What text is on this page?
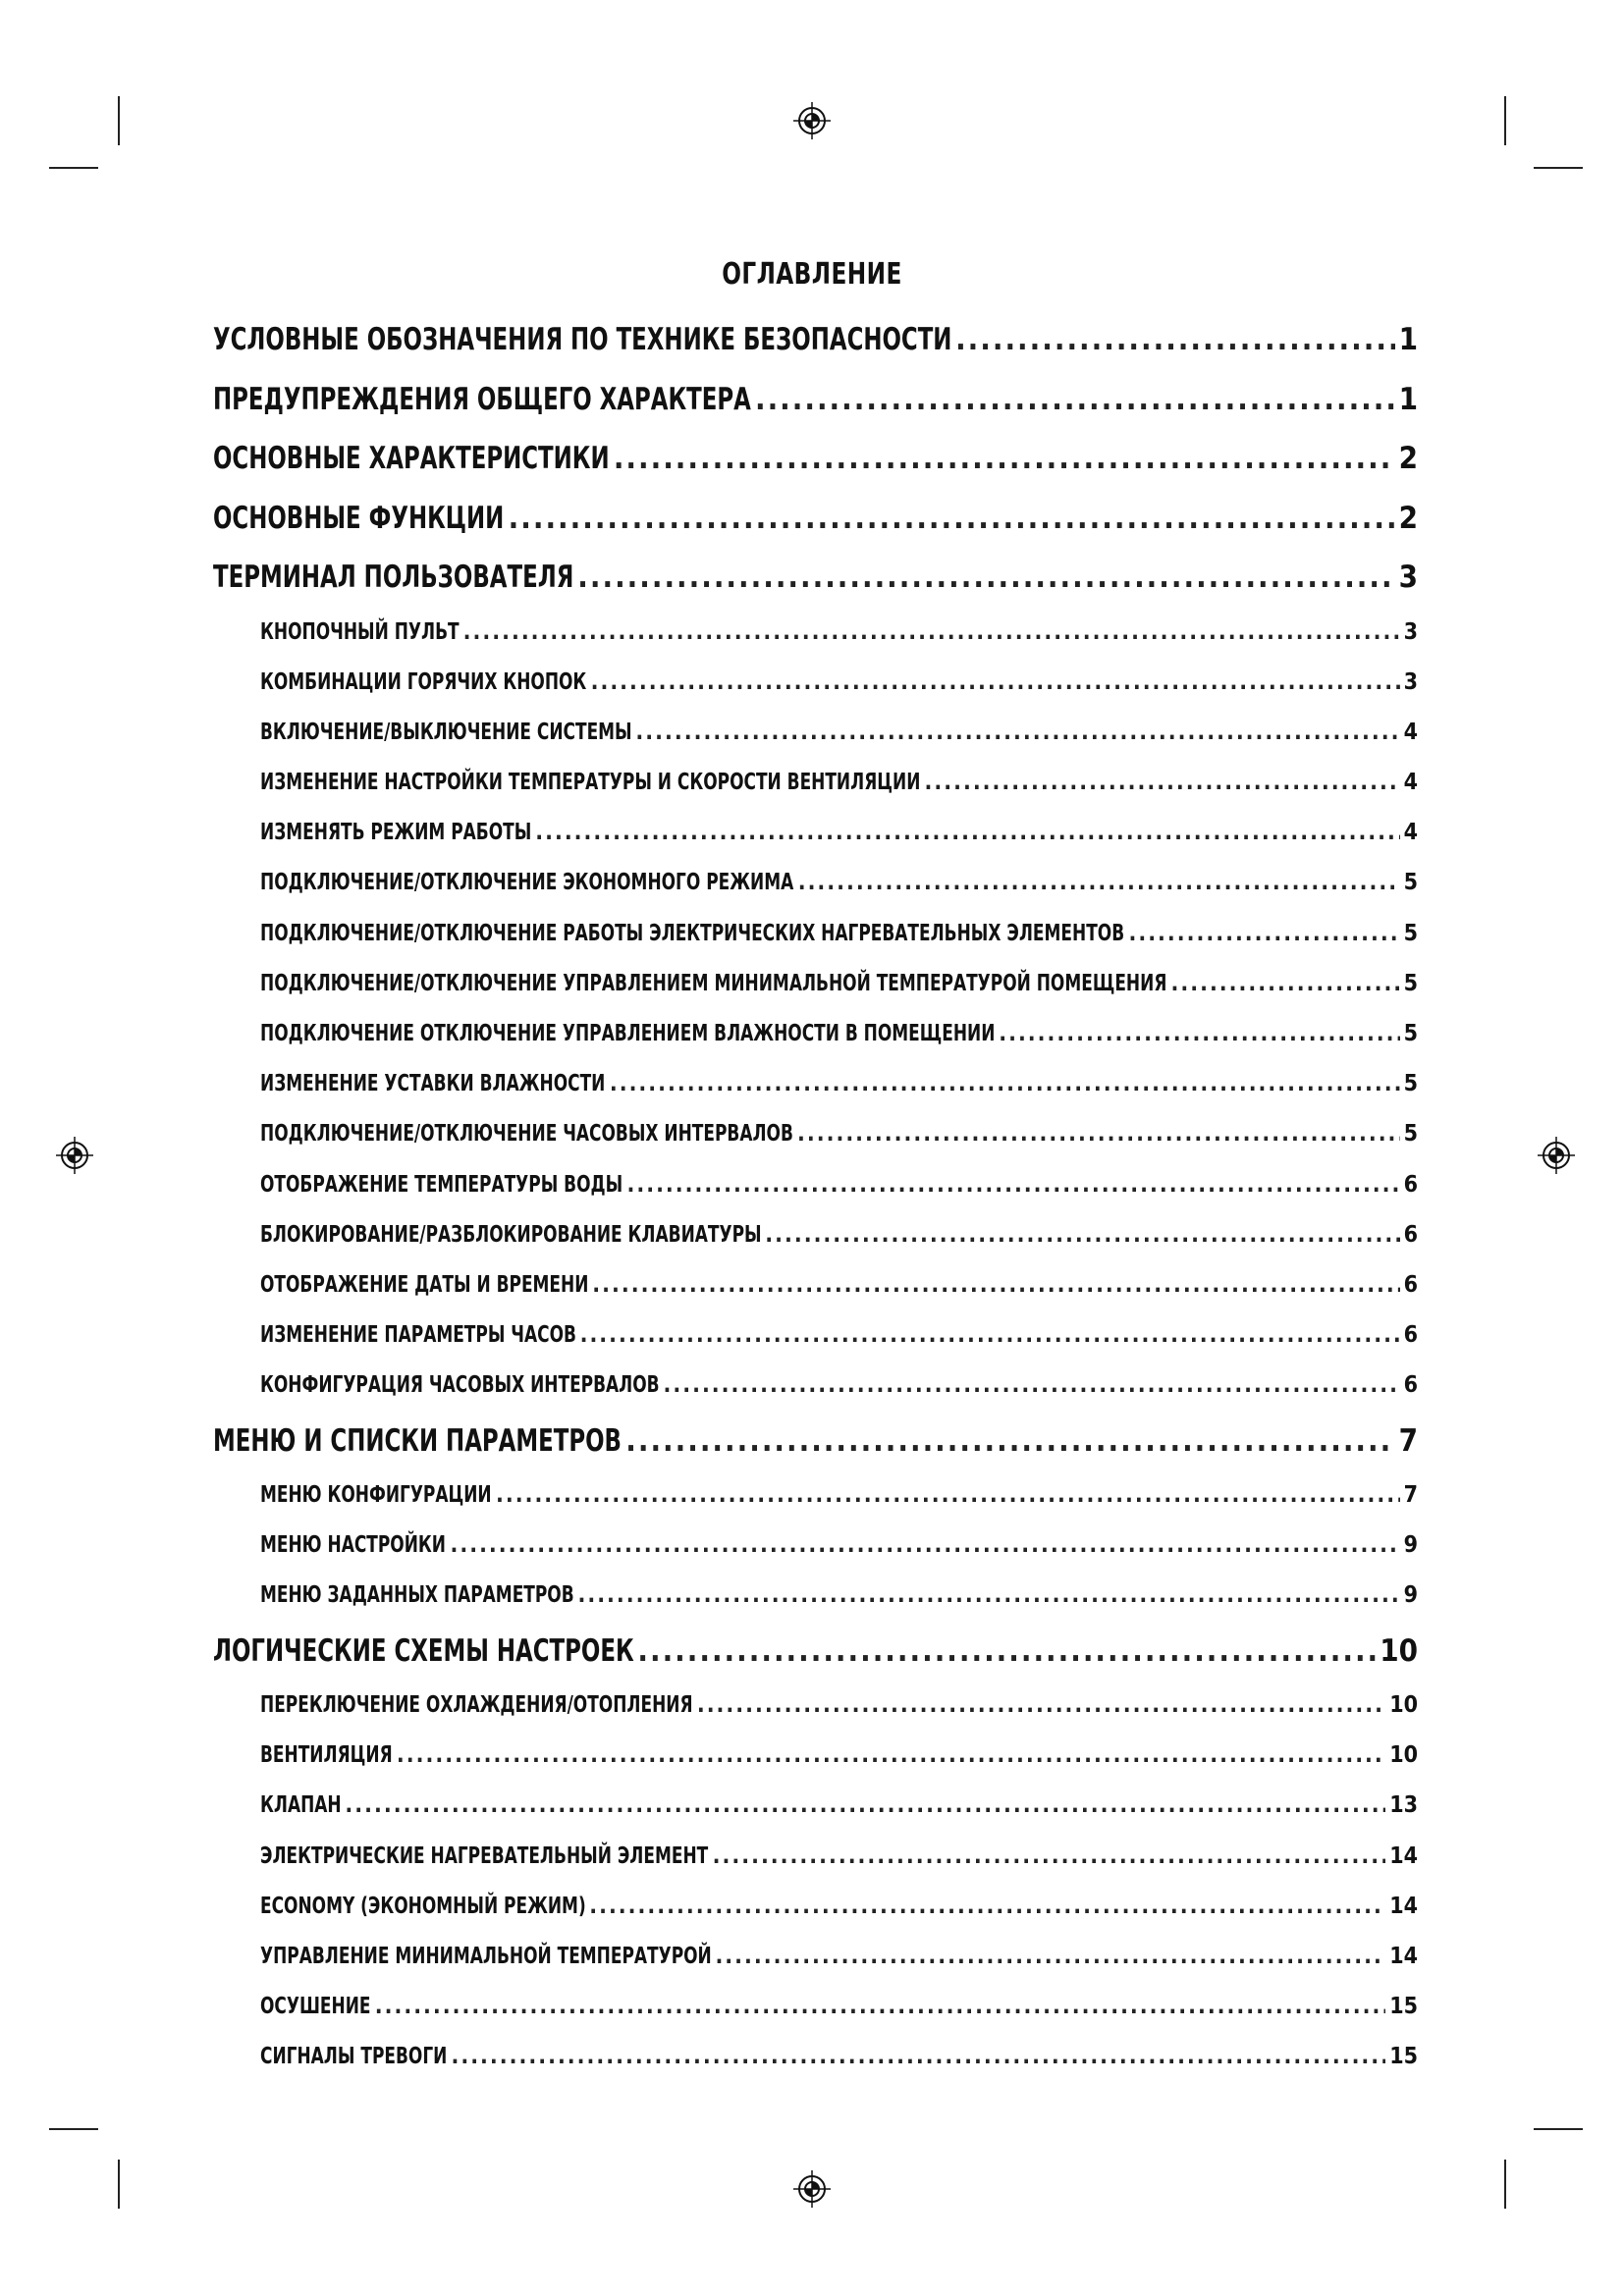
ОГЛАВЛЕНИЕ
УСЛОВНЫЕ ОБОЗНАЧЕНИЯ ПО ТЕХНИКЕ БЕЗОПАСНОСТИ .....	1
ПРЕДУПРЕЖДЕНИЯ ОБЩЕГО ХАРАКТЕРА .....	1
ОСНОВНЫЕ ХАРАКТЕРИСТИКИ .....	2
ОСНОВНЫЕ ФУНКЦИИ .....	2
ТЕРМИНАЛ ПОЛЬЗОВАТЕЛЯ .....	3
КНОПОЧНЫЙ ПУЛЬТ .....	3
КОМБИНАЦИИ ГОРЯЧИХ КНОПОК .....	3
ВКЛЮЧЕНИЕ/ВЫКЛЮЧЕНИЕ СИСТЕМЫ .....	4
ИЗМЕНЕНИЕ НАСТРОЙКИ ТЕМПЕРАТУРЫ И СКОРОСТИ ВЕНТИЛЯЦИИ .....	4
ИЗМЕНЯТЬ РЕЖИМ РАБОТЫ .....	4
ПОДКЛЮЧЕНИЕ/ОТКЛЮЧЕНИЕ ЭКОНОМНОГО РЕЖИМА .....	5
ПОДКЛЮЧЕНИЕ/ОТКЛЮЧЕНИЕ РАБОТЫ ЭЛЕКТРИЧЕСКИХ НАГРЕВАТЕЛЬНЫХ ЭЛЕМЕНТОВ .....	5
ПОДКЛЮЧЕНИЕ/ОТКЛЮЧЕНИЕ УПРАВЛЕНИЕМ МИНИМАЛЬНОЙ ТЕМПЕРАТУРОЙ ПОМЕЩЕНИЯ .....	5
ПОДКЛЮЧЕНИЕ ОТКЛЮЧЕНИЕ УПРАВЛЕНИЕМ ВЛАЖНОСТИ В ПОМЕЩЕНИИ .....	5
ИЗМЕНЕНИЕ УСТАВКИ ВЛАЖНОСТИ .....	5
ПОДКЛЮЧЕНИЕ/ОТКЛЮЧЕНИЕ ЧАСОВЫХ ИНТЕРВАЛОВ .....	5
ОТОБРАЖЕНИЕ ТЕМПЕРАТУРЫ ВОДЫ .....	6
БЛОКИРОВАНИЕ/РАЗБЛОКИРОВАНИЕ КЛАВИАТУРЫ .....	6
ОТОБРАЖЕНИЕ ДАТЫ И ВРЕМЕНИ .....	6
ИЗМЕНЕНИЕ ПАРАМЕТРЫ ЧАСОВ .....	6
КОНФИГУРАЦИЯ ЧАСОВЫХ ИНТЕРВАЛОВ .....	6
МЕНЮ И СПИСКИ ПАРАМЕТРОВ .....	7
МЕНЮ КОНФИГУРАЦИИ .....	7
МЕНЮ НАСТРОЙКИ .....	9
МЕНЮ ЗАДАННЫХ ПАРАМЕТРОВ .....	9
ЛОГИЧЕСКИЕ СХЕМЫ НАСТРОЕК .....	10
ПЕРЕКЛЮЧЕНИЕ ОХЛАЖДЕНИЯ/ОТОПЛЕНИЯ .....	10
ВЕНТИЛЯЦИЯ .....	10
КЛАПАН .....	13
ЭЛЕКТРИЧЕСКИЕ НАГРЕВАТЕЛЬНЫЙ ЭЛЕМЕНТ .....	14
ECONOMY (ЭКОНОМНЫЙ РЕЖИМ) .....	14
УПРАВЛЕНИЕ МИНИМАЛЬНОЙ ТЕМПЕРАТУРОЙ .....	14
ОСУШЕНИЕ .....	15
СИГНАЛЫ ТРЕВОГИ .....	15
